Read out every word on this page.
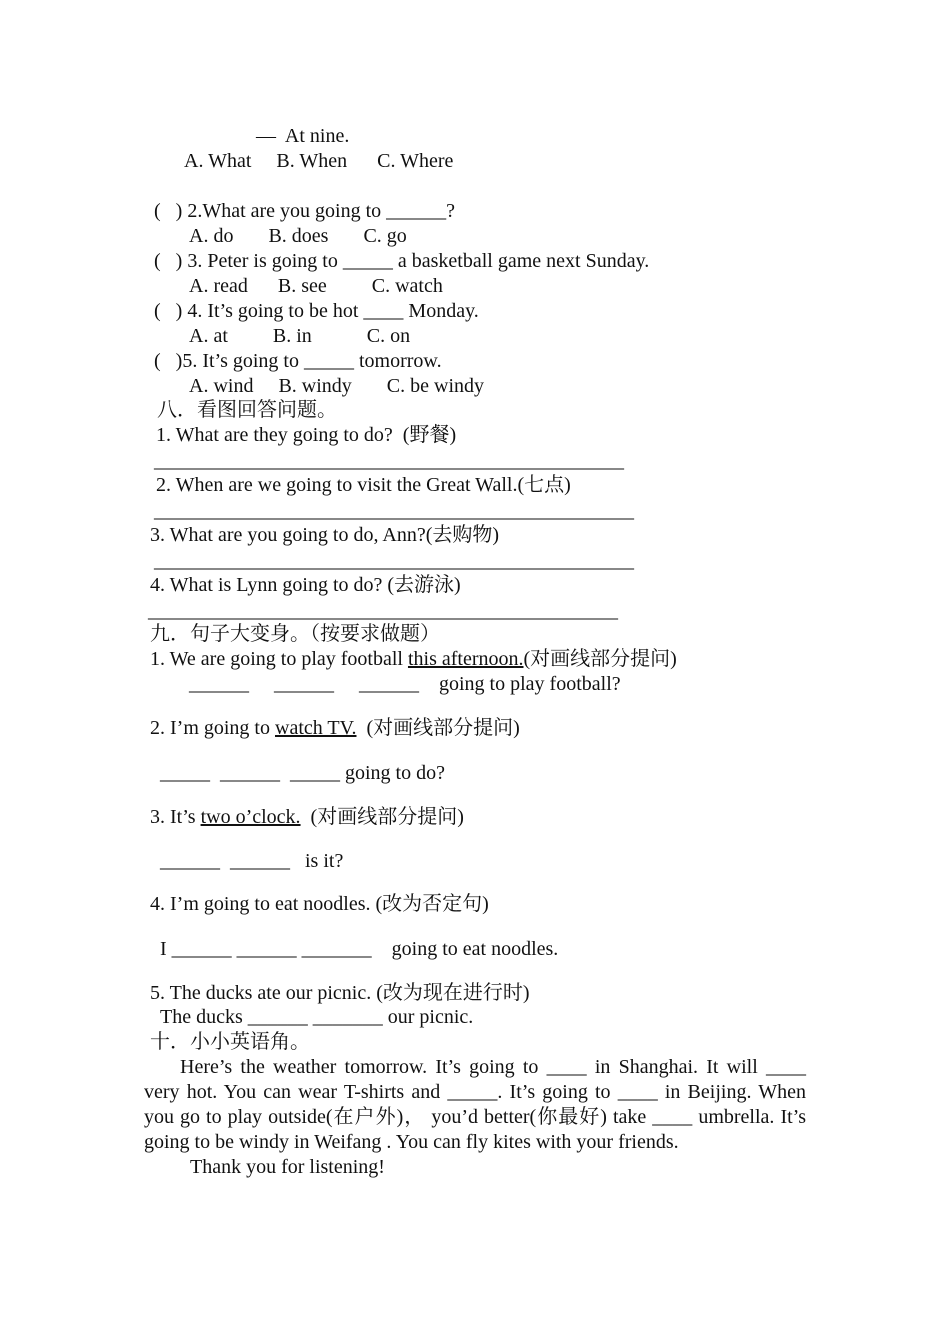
—  At nine.
A. What     B. When      C. Where
(   ) 2.What are you going to ______?
A. do       B. does       C. go
(   ) 3. Peter is going to _____ a basketball game next Sunday.
A. read      B. see         C. watch
(   ) 4. It’s going to be hot ____ Monday.
A. at         B. in           C. on
(   )5. It’s going to _____ tomorrow.
A. wind     B. windy       C. be windy
八．看图回答问题。
1. What are they going to do?  (野餐)
_______________________________________________
2. When are we going to visit the Great Wall.(七点)
________________________________________________
3. What are you going to do, Ann?(去购物)
________________________________________________
4. What is Lynn going to do? (去游泳)
_______________________________________________
九．句子大变身。（按要求做题）
1. We are going to play football this afternoon.(对画线部分提问)
______     ______     ______    going to play football?
2. I’m going to watch TV.  (对画线部分提问)
_____  ______  _____ going to do?
3. It’s two o’clock.  (对画线部分提问)
______  ______   is it?
4. I’m going to eat noodles. (改为否定句)
I ______ ______ _______    going to eat noodles.
5. The ducks ate our picnic. (改为现在进行时)
The ducks ______ _______ our picnic.
十．小小英语角。

Here’s the weather tomorrow. It’s going to ____ in Shanghai. It will ____ very hot. You can wear T-shirts and _____. It’s going to ____ in Beijing. When you go to play outside(在户外)， you’d better(你最好) take ____ umbrella. It’s going to be windy in Weifang . You can fly kites with your friends.

Thank you for listening!
